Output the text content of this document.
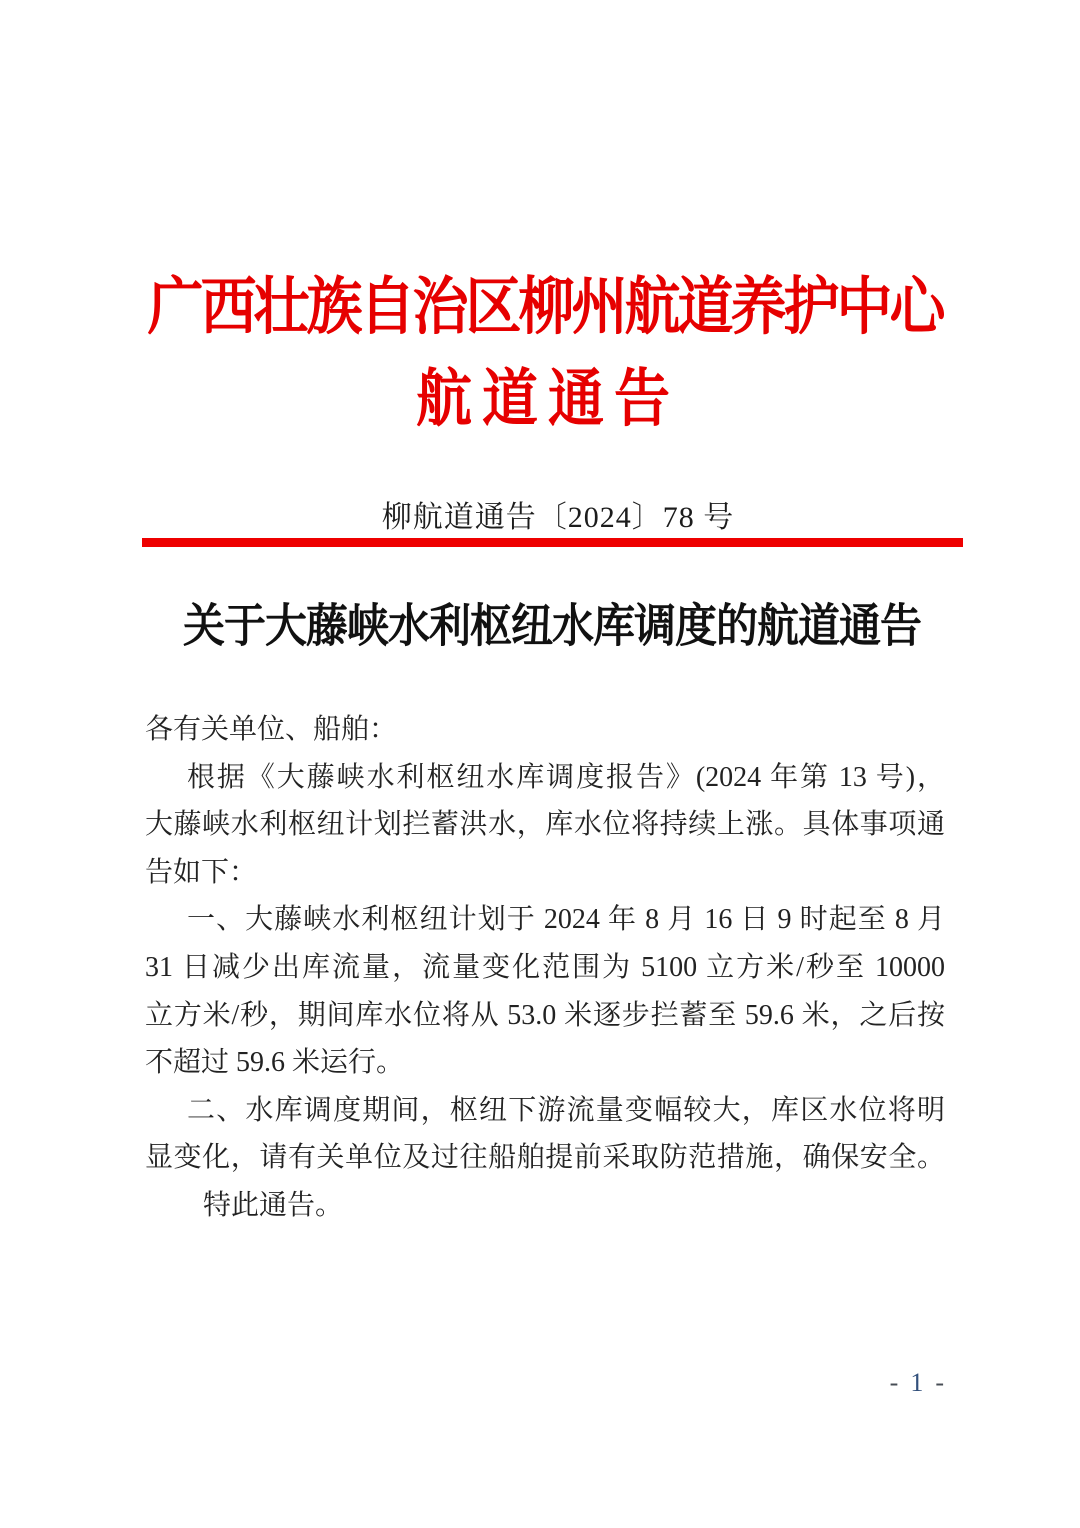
广西壮族自治区柳州航道养护中心
航道通告
柳航道通告〔2024〕78 号
关于大藤峡水利枢纽水库调度的航道通告
各有关单位、船舶：
根据《大藤峡水利枢纽水库调度报告》(2024 年第 13 号)，
大藤峡水利枢纽计划拦蓄洪水，库水位将持续上涨。具体事项通
告如下：
一、大藤峡水利枢纽计划于 2024 年 8 月 16 日 9 时起至 8 月
31 日减少出库流量，流量变化范围为 5100 立方米/秒至 10000
立方米/秒，期间库水位将从 53.0 米逐步拦蓄至 59.6 米，之后按
不超过 59.6 米运行。
二、水库调度期间，枢纽下游流量变幅较大，库区水位将明
显变化，请有关单位及过往船舶提前采取防范措施，确保安全。
特此通告。
- 1 -
